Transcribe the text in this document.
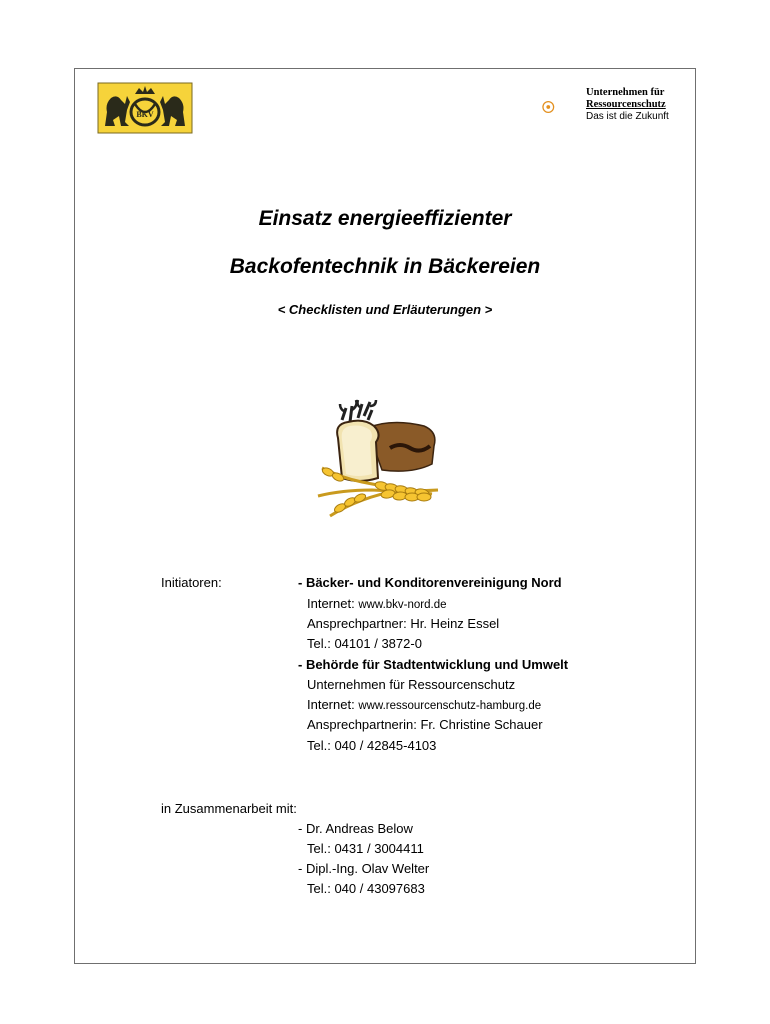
BKV
Unternehmen für
Ressourcenschutz
Das ist die Zukunft
Einsatz energieeffizienter
Backofentechnik in Bäckereien
< Checklisten und Erläuterungen >
Initiatoren:	- Bäcker- und Konditorenvereinigung Nord
Internet: www.bkv-nord.de
Ansprechpartner: Hr. Heinz Essel
Tel.: 04101 / 3872-0
- Behörde für Stadtentwicklung und Umwelt
Unternehmen für Ressourcenschutz
Internet: www.ressourcenschutz-hamburg.de
Ansprechpartnerin: Fr. Christine Schauer
Tel.: 040 / 42845-4103
in Zusammenarbeit mit:
- Dr. Andreas Below
Tel.: 0431 / 3004411
- Dipl.-Ing. Olav Welter
Tel.: 040 / 43097683
